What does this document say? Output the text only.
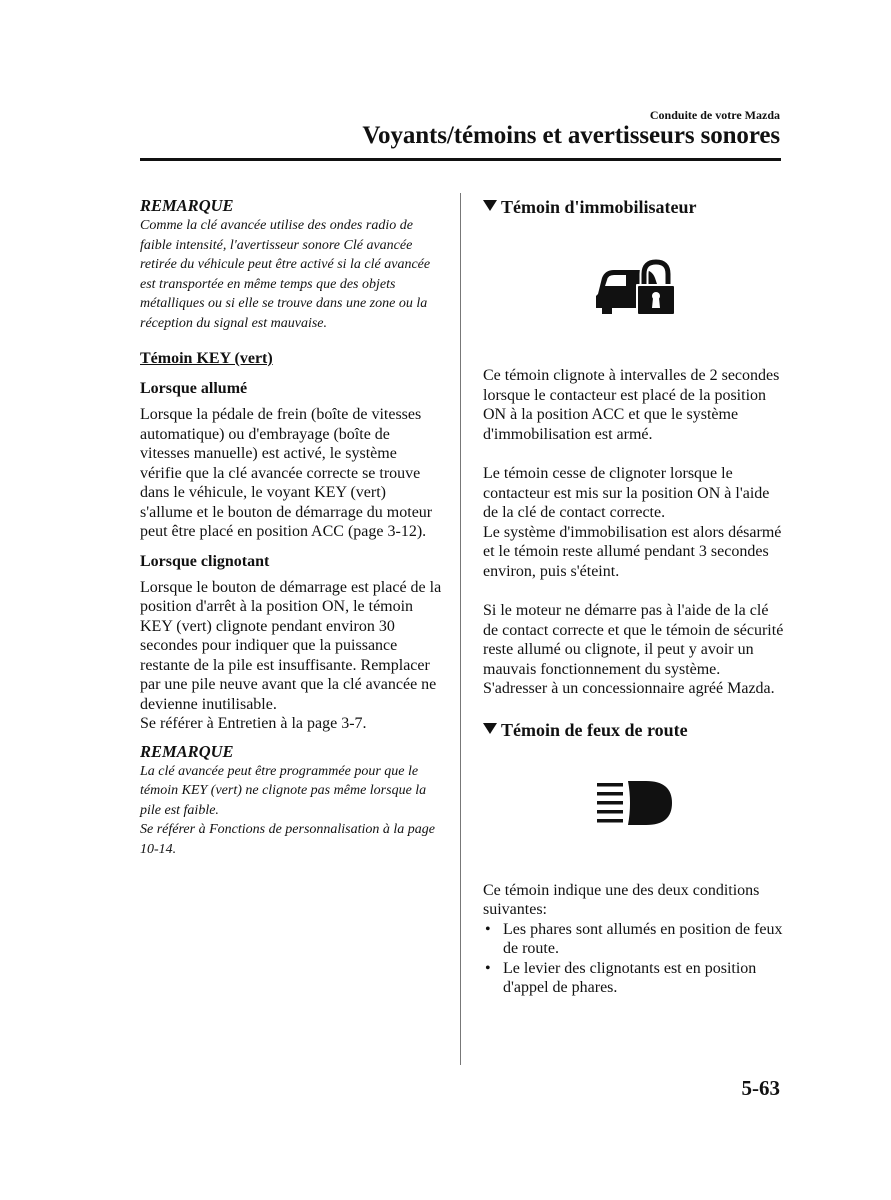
Conduite de votre Mazda
Voyants/témoins et avertisseurs sonores
REMARQUE

Comme la clé avancée utilise des ondes radio de faible intensité, l'avertisseur sonore Clé avancée retirée du véhicule peut être activé si la clé avancée est transportée en même temps que des objets métalliques ou si elle se trouve dans une zone ou la réception du signal est mauvaise.

Témoin KEY (vert)
Lorsque allumé

Lorsque la pédale de frein (boîte de vitesses automatique) ou d'embrayage (boîte de vitesses manuelle) est activé, le système vérifie que la clé avancée correcte se trouve dans le véhicule, le voyant KEY (vert) s'allume et le bouton de démarrage du moteur peut être placé en position ACC (page 3-12).

Lorsque clignotant

Lorsque le bouton de démarrage est placé de la position d'arrêt à la position ON, le témoin KEY (vert) clignote pendant environ 30 secondes pour indiquer que la puissance restante de la pile est insuffisante. Remplacer par une pile neuve avant que la clé avancée ne devienne inutilisable.

Se référer à Entretien à la page 3-7.

REMARQUE

La clé avancée peut être programmée pour que le témoin KEY (vert) ne clignote pas même lorsque la pile est faible.

Se référer à Fonctions de personnalisation à la page 10-14.

Témoin d'immobilisateur

Ce témoin clignote à intervalles de 2 secondes lorsque le contacteur est placé de la position ON à la position ACC et que le système d'immobilisation est armé.

Le témoin cesse de clignoter lorsque le contacteur est mis sur la position ON à l'aide de la clé de contact correcte.

Le système d'immobilisation est alors désarmé et le témoin reste allumé pendant 3 secondes environ, puis s'éteint.

Si le moteur ne démarre pas à l'aide de la clé de contact correcte et que le témoin de sécurité reste allumé ou clignote, il peut y avoir un mauvais fonctionnement du système. S'adresser à un concessionnaire agréé Mazda.

Témoin de feux de route

Ce témoin indique une des deux conditions suivantes:

• Les phares sont allumés en position de feux de route.
• Le levier des clignotants est en position d'appel de phares.
5-63
